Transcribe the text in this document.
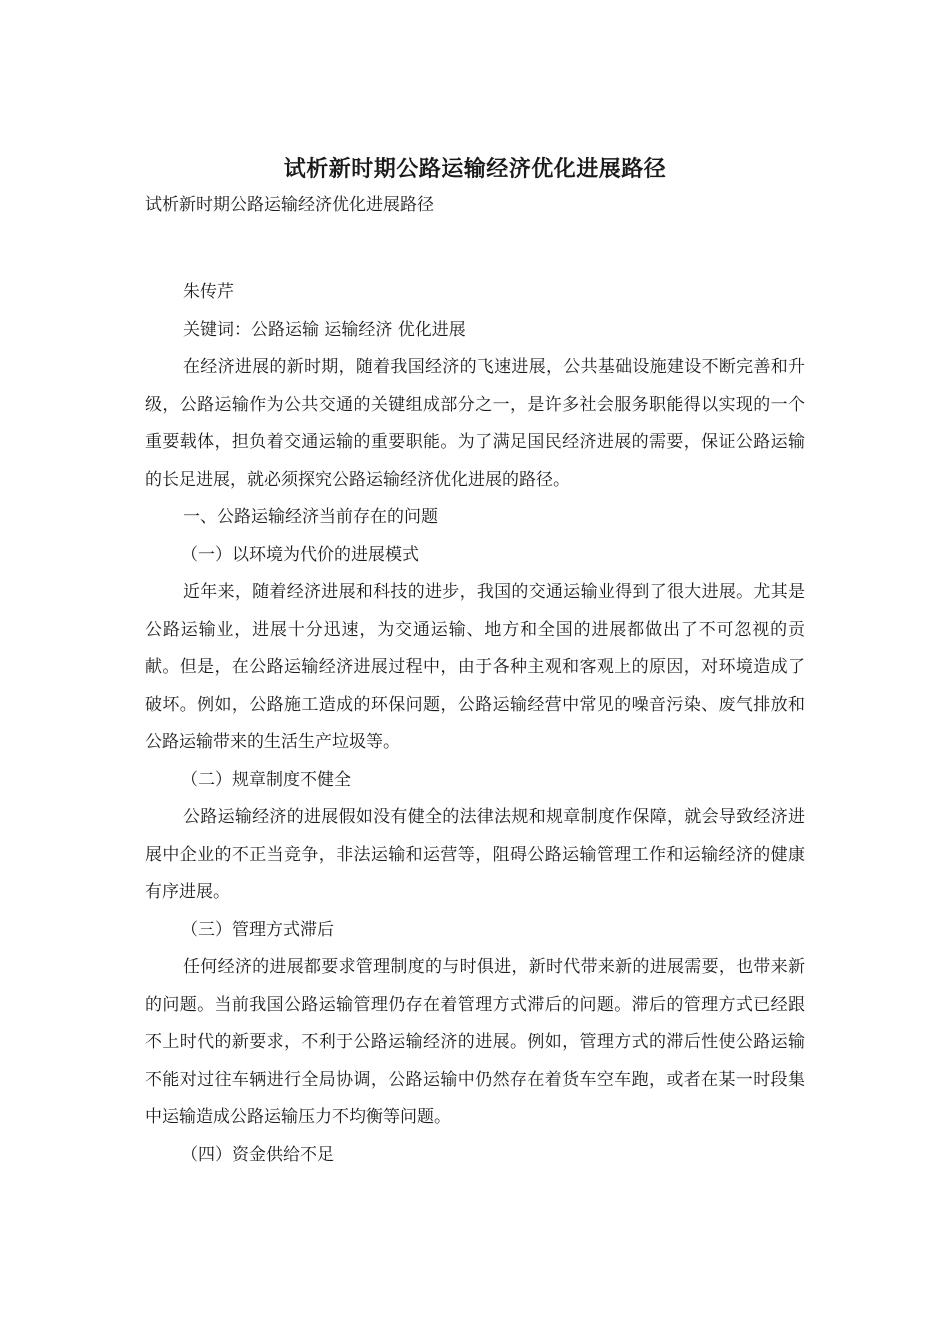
试析新时期公路运输经济优化进展路径

试析新时期公路运输经济优化进展路径

朱传芹

关键词：公路运输 运输经济 优化进展

在经济进展的新时期，随着我国经济的飞速进展，公共基础设施建设不断完善和升级，公路运输作为公共交通的关键组成部分之一，是许多社会服务职能得以实现的一个重要载体，担负着交通运输的重要职能。为了满足国民经济进展的需要，保证公路运输的长足进展，就必须探究公路运输经济优化进展的路径。

一、公路运输经济当前存在的问题

（一）以环境为代价的进展模式

近年来，随着经济进展和科技的进步，我国的交通运输业得到了很大进展。尤其是公路运输业，进展十分迅速，为交通运输、地方和全国的进展都做出了不可忽视的贡献。但是，在公路运输经济进展过程中，由于各种主观和客观上的原因，对环境造成了破坏。例如，公路施工造成的环保问题，公路运输经营中常见的噪音污染、废气排放和公路运输带来的生活生产垃圾等。

（二）规章制度不健全

公路运输经济的进展假如没有健全的法律法规和规章制度作保障，就会导致经济进展中企业的不正当竞争，非法运输和运营等，阻碍公路运输管理工作和运输经济的健康有序进展。

（三）管理方式滞后

任何经济的进展都要求管理制度的与时俱进，新时代带来新的进展需要，也带来新的问题。当前我国公路运输管理仍存在着管理方式滞后的问题。滞后的管理方式已经跟不上时代的新要求，不利于公路运输经济的进展。例如，管理方式的滞后性使公路运输不能对过往车辆进行全局协调，公路运输中仍然存在着货车空车跑，或者在某一时段集中运输造成公路运输压力不均衡等问题。

（四）资金供给不足
